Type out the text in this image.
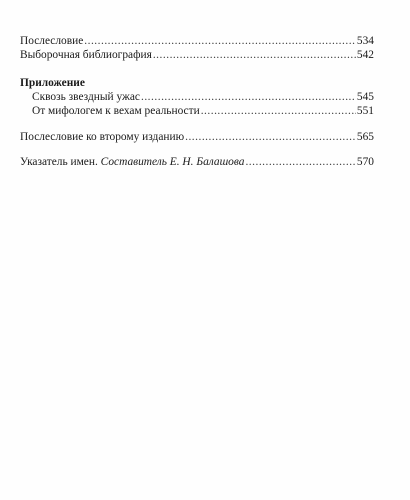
Послесловие .....	534
Выборочная библиография .....	542
Приложение
Сквозь звездный ужас .....	545
От мифологем к вехам реальности .....	551
Послесловие ко второму изданию .....	565
Указатель имен. Составитель Е. Н. Балашова .....	570
